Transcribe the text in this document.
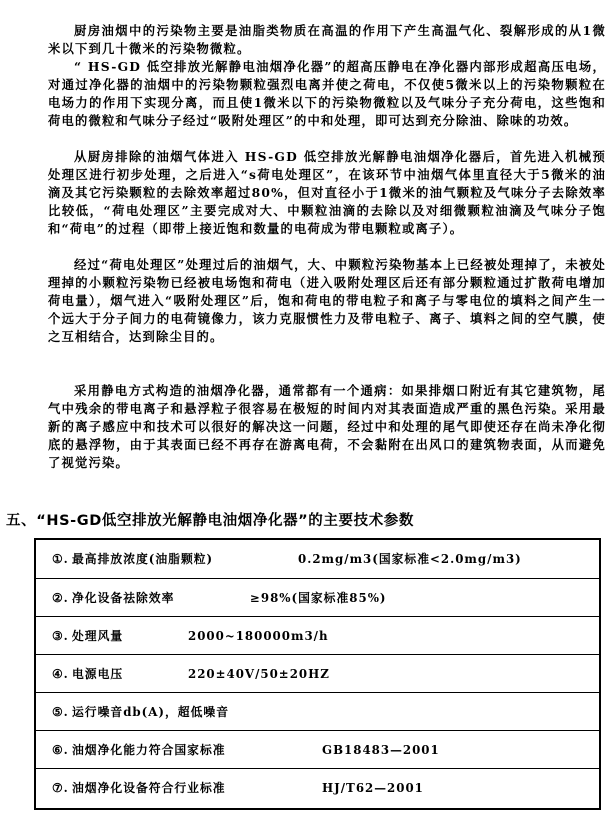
厨房油烟中的污染物主要是油脂类物质在高温的作用下产生高温气化、裂解形成的从1微米以下到几十微米的污染物微粒。

“ HS-GD 低空排放光解静电油烟净化器”的超高压静电在净化器内部形成超高压电场，对通过净化器的油烟中的污染物颗粒强烈电离并使之荷电，不仅使5微米以上的污染物颗粒在电场力的作用下实现分离，而且使1微米以下的污染物微粒以及气味分子充分荷电，这些饱和荷电的微粒和气味分子经过“吸附处理区”的中和处理，即可达到充分除油、除味的功效。

从厨房排除的油烟气体进入 HS-GD 低空排放光解静电油烟净化器后，首先进入机械预处理区进行初步处理，之后进入“s荷电处理区”，在该环节中油烟气体里直径大于5微米的油滴及其它污染颗粒的去除效率超过80%，但对直径小于1微米的油气颗粒及气味分子去除效率比较低，“荷电处理区”主要完成对大、中颗粒油滴的去除以及对细微颗粒油滴及气味分子饱和“荷电”的过程（即带上接近饱和数量的电荷成为带电颗粒或离子）。

经过“荷电处理区”处理过后的油烟气，大、中颗粒污染物基本上已经被处理掉了，未被处理掉的小颗粒污染物已经被电场饱和荷电（进入吸附处理区后还有部分颗粒通过扩散荷电增加荷电量），烟气进入“吸附处理区”后，饱和荷电的带电粒子和离子与零电位的填料之间产生一个远大于分子间力的电荷镜像力，该力克服惯性力及带电粒子、离子、填料之间的空气膜，使之互相结合，达到除尘目的。

采用静电方式构造的油烟净化器，通常都有一个通病：如果排烟口附近有其它建筑物，尾气中残余的带电离子和悬浮粒子很容易在极短的时间内对其表面造成严重的黑色污染。采用最新的离子感应中和技术可以很好的解决这一问题，经过中和处理的尾气即使还存在尚未净化彻底的悬浮物，由于其表面已经不再存在游离电荷，不会黏附在出风口的建筑物表面，从而避免了视觉污染。

五、“HS-GD低空排放光解静电油烟净化器”的主要技术参数
①. 最高排放浓度(油脂颗粒)	0.2mg/m3(国家标准<2.0mg/m3)
②. 净化设备祛除效率	≥98%(国家标准85%)
③. 处理风量	2000~180000m3/h
④. 电源电压	220±40V/50±20HZ
⑤. 运行噪音db(A)，超低噪音
⑥. 油烟净化能力符合国家标准	GB18483—2001
⑦. 油烟净化设备符合行业标准	HJ/T62—2001
